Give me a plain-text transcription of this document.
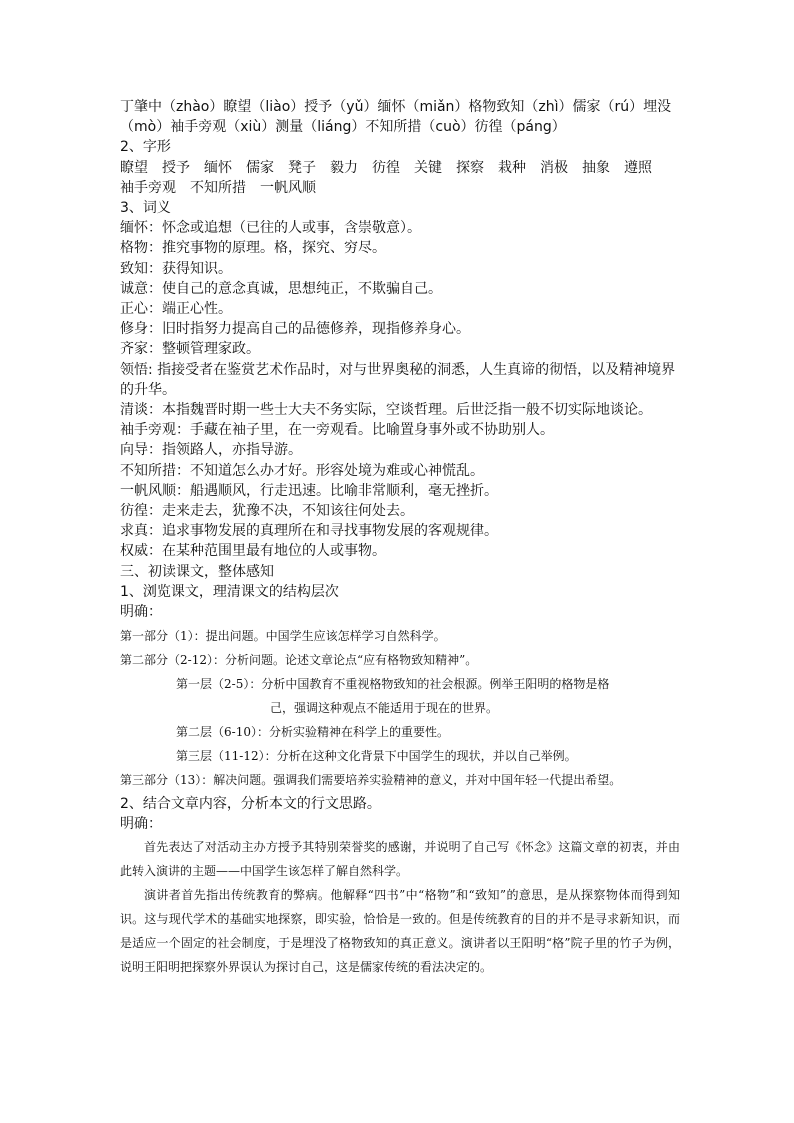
丁肇中（zhào）瞭望（liào）授予（yǔ）缅怀（miǎn）格物致知（zhì）儒家（rú）埋没

（mò）袖手旁观（xiù）测量（liáng）不知所措（cuò）彷徨（páng）

2、字形

瞭望 授予 缅怀 儒家 凳子 毅力 彷徨 关键 探察 栽种 消极 抽象 遵照

袖手旁观 不知所措 一帆风顺

3、词义

缅怀：怀念或追想（已往的人或事，含崇敬意）。

格物：推究事物的原理。格，探究、穷尽。

致知：获得知识。

诚意：使自己的意念真诚，思想纯正，不欺骗自己。

正心：端正心性。

修身：旧时指努力提高自己的品德修养，现指修养身心。

齐家：整顿管理家政。

领悟: 指接受者在鉴赏艺术作品时，对与世界奥秘的洞悉，人生真谛的彻悟，以及精神境界的升华。

清谈：本指魏晋时期一些士大夫不务实际，空谈哲理。后世泛指一般不切实际地谈论。

袖手旁观：手藏在袖子里，在一旁观看。比喻置身事外或不协助别人。

向导：指领路人，亦指导游。

不知所措：不知道怎么办才好。形容处境为难或心神慌乱。

一帆风顺：船遇顺风，行走迅速。比喻非常顺利，毫无挫折。

彷徨：走来走去，犹豫不决，不知该往何处去。

求真：追求事物发展的真理所在和寻找事物发展的客观规律。

权威：在某种范围里最有地位的人或事物。

三、初读课文，整体感知

1、浏览课文，理清课文的结构层次

明确：

第一部分（1）：提出问题。中国学生应该怎样学习自然科学。

第二部分（2-12）：分析问题。论述文章论点“应有格物致知精神”。

第一层（2-5）：分析中国教育不重视格物致知的社会根源。例举王阳明的格物是格

己，强调这种观点不能适用于现在的世界。

第二层（6-10）：分析实验精神在科学上的重要性。

第三层（11-12）：分析在这种文化背景下中国学生的现状，并以自己举例。

第三部分（13）：解决问题。强调我们需要培养实验精神的意义，并对中国年轻一代提出希望。

2、结合文章内容，分析本文的行文思路。

明确：

首先表达了对活动主办方授予其特别荣誉奖的感谢，并说明了自己写《怀念》这篇文章的初衷，并由此转入演讲的主题——中国学生该怎样了解自然科学。

演讲者首先指出传统教育的弊病。他解释“四书”中“格物”和“致知”的意思，是从探察物体而得到知识。这与现代学术的基础实地探察，即实验，恰恰是一致的。但是传统教育的目的并不是寻求新知识，而是适应一个固定的社会制度，于是埋没了格物致知的真正意义。演讲者以王阳明“格”院子里的竹子为例，说明王阳明把探察外界误认为探讨自己，这是儒家传统的看法决定的。
